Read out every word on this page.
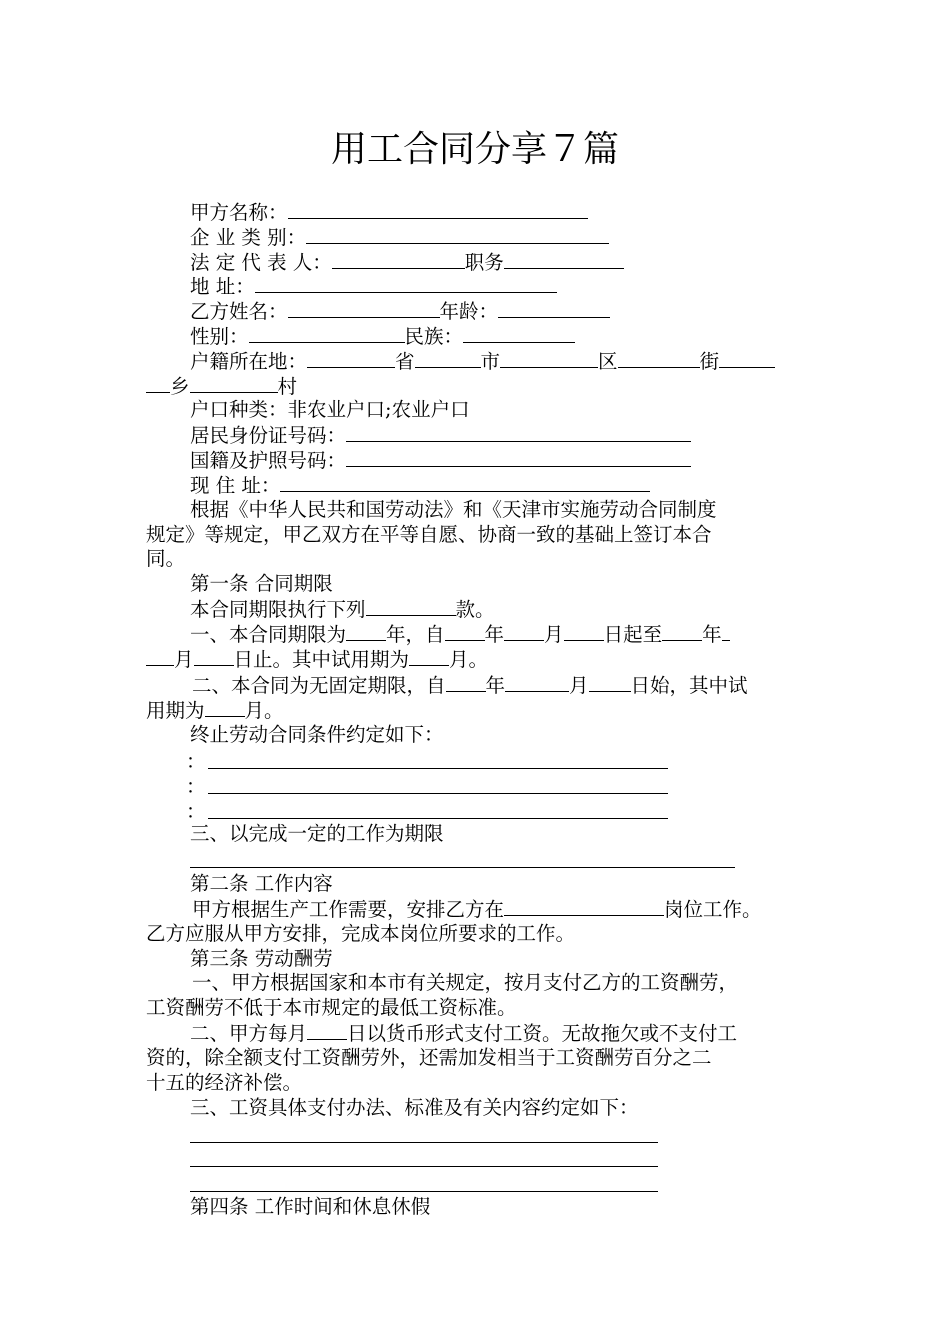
用工合同分享７篇
甲方名称：
企 业 类 别：
法 定 代 表 人：	职务
地 址：
乙方姓名：	年龄：
性别：	民族：
户籍所在地：	省	市	区	街
乡	村
户口种类：非农业户口;农业户口
居民身份证号码：
国籍及护照号码：
现 住 址：
根据《中华人民共和国劳动法》和《天津市实施劳动合同制度
规定》等规定，甲乙双方在平等自愿、协商一致的基础上签订本合
同。
第一条 合同期限
本合同期限执行下列	款。
一、本合同期限为 年，自 年 月 日起至 年
月 日止。其中试用期为 月。
二、本合同为无固定期限，自 年	月 日始，其中试
用期为 月。
终止劳动合同条件约定如下：
：
：
：
三、以完成一定的工作为期限
第二条 工作内容
甲方根据生产工作需要，安排乙方在	岗位工作。
乙方应服从甲方安排，完成本岗位所要求的工作。
第三条 劳动酬劳
一、甲方根据国家和本市有关规定，按月支付乙方的工资酬劳，
工资酬劳不低于本市规定的最低工资标准。
二、甲方每月 日以货币形式支付工资。无故拖欠或不支付工
资的，除全额支付工资酬劳外，还需加发相当于工资酬劳百分之二
十五的经济补偿。
三、工资具体支付办法、标准及有关内容约定如下：
第四条 工作时间和休息休假
